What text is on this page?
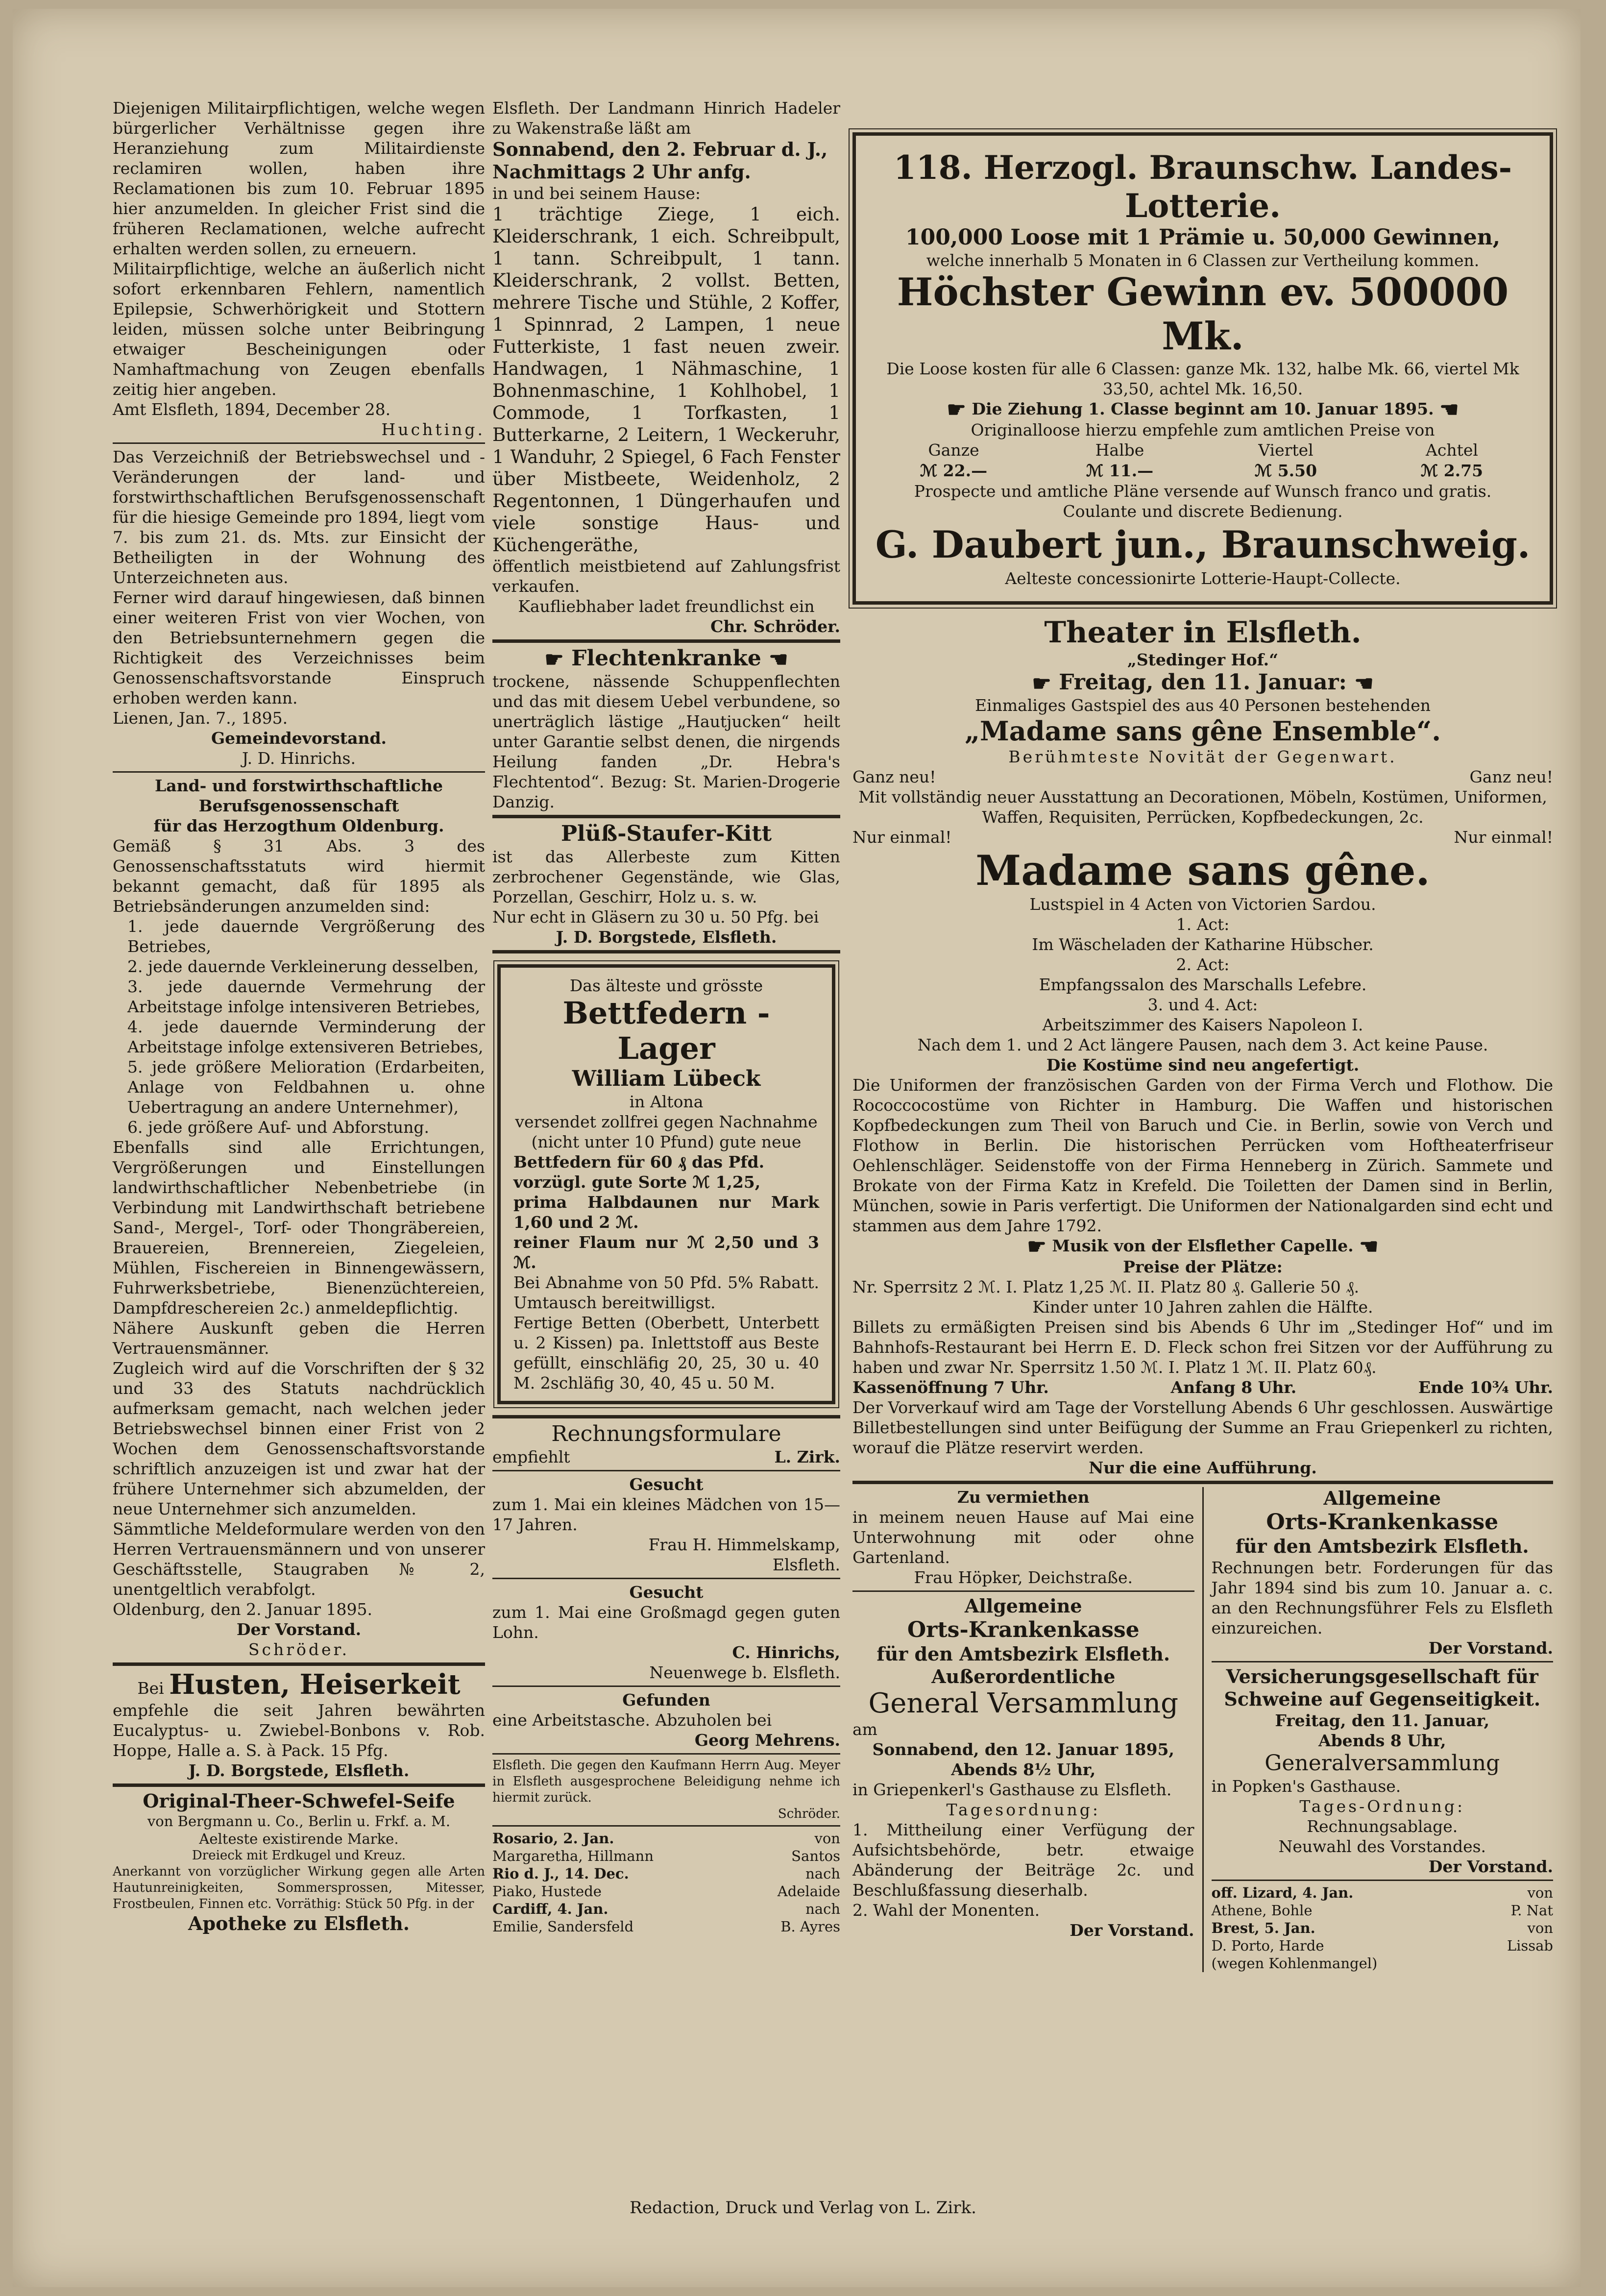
Diejenigen Militairpflichtigen, welche wegen bürgerlicher Verhältnisse gegen ihre Heranziehung zum Militairdienste reclamiren wollen, haben ihre Reclamationen bis zum 10. Februar 1895 hier anzumelden. In gleicher Frist sind die früheren Reclamationen, welche aufrecht erhalten werden sollen, zu erneuern.

Militairpflichtige, welche an äußerlich nicht sofort erkennbaren Fehlern, namentlich Epilepsie, Schwerhörigkeit und Stottern leiden, müssen solche unter Beibringung etwaiger Bescheinigungen oder Namhaftmachung von Zeugen ebenfalls zeitig hier angeben.

Amt Elsfleth, 1894, December 28.

Huchting.

Das Verzeichniß der Betriebswechsel und -Veränderungen der land- und forstwirthschaftlichen Berufsgenossenschaft für die hiesige Gemeinde pro 1894, liegt vom 7. bis zum 21. ds. Mts. zur Einsicht der Betheiligten in der Wohnung des Unterzeichneten aus.

Ferner wird darauf hingewiesen, daß binnen einer weiteren Frist von vier Wochen, von den Betriebsunternehmern gegen die Richtigkeit des Verzeichnisses beim Genossenschaftsvorstande Einspruch erhoben werden kann.

Lienen, Jan. 7., 1895.

Gemeindevorstand.

J. D. Hinrichs.

Land- und forstwirthschaftliche

Berufsgenossenschaft

für das Herzogthum Oldenburg.

Gemäß § 31 Abs. 3 des Genossenschaftsstatuts wird hiermit bekannt gemacht, daß für 1895 als Betriebsänderungen anzumelden sind:

1. jede dauernde Vergrößerung des Betriebes,

2. jede dauernde Verkleinerung desselben,

3. jede dauernde Vermehrung der Arbeitstage infolge intensiveren Betriebes,

4. jede dauernde Verminderung der Arbeitstage infolge extensiveren Betriebes,

5. jede größere Melioration (Erdarbeiten, Anlage von Feldbahnen u. ohne Uebertragung an andere Unternehmer),

6. jede größere Auf- und Abforstung.

Ebenfalls sind alle Errichtungen, Vergrößerungen und Einstellungen landwirthschaftlicher Nebenbetriebe (in Verbindung mit Landwirthschaft betriebene Sand-, Mergel-, Torf- oder Thongräbereien, Brauereien, Brennereien, Ziegeleien, Mühlen, Fischereien in Binnengewässern, Fuhrwerksbetriebe, Bienenzüchtereien, Dampfdreschereien 2c.) anmeldepflichtig.

Nähere Auskunft geben die Herren Vertrauensmänner.

Zugleich wird auf die Vorschriften der § 32 und 33 des Statuts nachdrücklich aufmerksam gemacht, nach welchen jeder Betriebswechsel binnen einer Frist von 2 Wochen dem Genossenschaftsvorstande schriftlich anzuzeigen ist und zwar hat der frühere Unternehmer sich abzumelden, der neue Unternehmer sich anzumelden.

Sämmtliche Meldeformulare werden von den Herren Vertrauensmännern und von unserer Geschäftsstelle, Staugraben № 2, unentgeltlich verabfolgt.

Oldenburg, den 2. Januar 1895.

Der Vorstand.

Schröder.

Bei Husten, Heiserkeit

empfehle die seit Jahren bewährten Eucalyptus- u. Zwiebel-Bonbons v. Rob. Hoppe, Halle a. S. à Pack. 15 Pfg.

J. D. Borgstede, Elsfleth.

Original-Theer-Schwefel-Seife

von Bergmann u. Co., Berlin u. Frkf. a. M.

Aelteste existirende Marke.

Dreieck mit Erdkugel und Kreuz.

Anerkannt von vorzüglicher Wirkung gegen alle Arten Hautunreinigkeiten, Sommersprossen, Mitesser, Frostbeulen, Finnen etc. Vorräthig: Stück 50 Pfg. in der

Apotheke zu Elsfleth.

Elsfleth. Der Landmann Hinrich Hadeler zu Wakenstraße läßt am

Sonnabend, den 2. Februar d. J.,

Nachmittags 2 Uhr anfg.

in und bei seinem Hause:

1 trächtige Ziege, 1 eich. Kleiderschrank, 1 eich. Schreibpult, 1 tann. Schreibpult, 1 tann. Kleiderschrank, 2 vollst. Betten, mehrere Tische und Stühle, 2 Koffer, 1 Spinnrad, 2 Lampen, 1 neue Futterkiste, 1 fast neuen zweir. Handwagen, 1 Nähmaschine, 1 Bohnenmaschine, 1 Kohlhobel, 1 Commode, 1 Torfkasten, 1 Butterkarne, 2 Leitern, 1 Weckeruhr, 1 Wanduhr, 2 Spiegel, 6 Fach Fenster über Mistbeete, Weidenholz, 2 Regentonnen, 1 Düngerhaufen und viele sonstige Haus- und Küchengeräthe,

öffentlich meistbietend auf Zahlungsfrist verkaufen.

Kaufliebhaber ladet freundlichst ein

Chr. Schröder.

☛ Flechtenkranke ☚

trockene, nässende Schuppenflechten und das mit diesem Uebel verbundene, so unerträglich lästige „Hautjucken“ heilt unter Garantie selbst denen, die nirgends Heilung fanden „Dr. Hebra's Flechtentod“. Bezug: St. Marien-Drogerie Danzig.

Plüß-Staufer-Kitt

ist das Allerbeste zum Kitten zerbrochener Gegenstände, wie Glas, Porzellan, Geschirr, Holz u. s. w.

Nur echt in Gläsern zu 30 u. 50 Pfg. bei

J. D. Borgstede, Elsfleth.

Das älteste und grösste

Bettfedern - Lager

William Lübeck

in Altona

versendet zollfrei gegen Nachnahme (nicht unter 10 Pfund) gute neue

Bettfedern für 60 ₰ das Pfd.

vorzügl. gute Sorte ℳ 1,25,

prima Halbdaunen nur Mark 1,60 und 2 ℳ.

reiner Flaum nur ℳ 2,50 und 3 ℳ.

Bei Abnahme von 50 Pfd. 5% Rabatt. Umtausch bereitwilligst.

Fertige Betten (Oberbett, Unterbett u. 2 Kissen) pa. Inlettstoff aus Beste gefüllt, einschläfig 20, 25, 30 u. 40 M. 2schläfig 30, 40, 45 u. 50 M.

Rechnungsformulare

empfiehlt	L. Zirk.

Gesucht

zum 1. Mai ein kleines Mädchen von 15—17 Jahren.

Frau H. Himmelskamp,

Elsfleth.

Gesucht

zum 1. Mai eine Großmagd gegen guten Lohn.

C. Hinrichs,

Neuenwege b. Elsfleth.

Gefunden

eine Arbeitstasche. Abzuholen bei

Georg Mehrens.

Elsfleth. Die gegen den Kaufmann Herrn Aug. Meyer in Elsfleth ausgesprochene Beleidigung nehme ich hiermit zurück.

Schröder.

Rosario, 2. Jan.	von
Margaretha, Hillmann	Santos
Rio d. J., 14. Dec.	nach
Piako, Hustede	Adelaide
Cardiff, 4. Jan.	nach
Emilie, Sandersfeld	B. Ayres

118. Herzogl. Braunschw. Landes-Lotterie.

100,000 Loose mit 1 Prämie u. 50,000 Gewinnen,

welche innerhalb 5 Monaten in 6 Classen zur Vertheilung kommen.

Höchster Gewinn ev. 500000 Mk.

Die Loose kosten für alle 6 Classen: ganze Mk. 132, halbe Mk. 66, viertel Mk 33,50, achtel Mk. 16,50.

☛ Die Ziehung 1. Classe beginnt am 10. Januar 1895. ☚

Originalloose hierzu empfehle zum amtlichen Preise von

Ganze	Halbe	Viertel	Achtel
ℳ 22.—	ℳ 11.—	ℳ 5.50	ℳ 2.75

Prospecte und amtliche Pläne versende auf Wunsch franco und gratis.

Coulante und discrete Bedienung.

G. Daubert jun., Braunschweig.

Aelteste concessionirte Lotterie-Haupt-Collecte.

Theater in Elsfleth.

„Stedinger Hof.“

☛ Freitag, den 11. Januar: ☚

Einmaliges Gastspiel des aus 40 Personen bestehenden

„Madame sans gêne Ensemble“.

Berühmteste Novität der Gegenwart.

Ganz neu!	Ganz neu!

Mit vollständig neuer Ausstattung an Decorationen, Möbeln, Kostümen, Uniformen, Waffen, Requisiten, Perrücken, Kopfbedeckungen, 2c.

Nur einmal!	Nur einmal!

Madame sans gêne.

Lustspiel in 4 Acten von Victorien Sardou.

1. Act:

Im Wäscheladen der Katharine Hübscher.

2. Act:

Empfangssalon des Marschalls Lefebre.

3. und 4. Act:

Arbeitszimmer des Kaisers Napoleon I.

Nach dem 1. und 2 Act längere Pausen, nach dem 3. Act keine Pause.

Die Kostüme sind neu angefertigt.

Die Uniformen der französischen Garden von der Firma Verch und Flothow. Die Rococcocostüme von Richter in Hamburg. Die Waffen und historischen Kopfbedeckungen zum Theil von Baruch und Cie. in Berlin, sowie von Verch und Flothow in Berlin. Die historischen Perrücken vom Hoftheaterfriseur Oehlenschläger. Seidenstoffe von der Firma Henneberg in Zürich. Sammete und Brokate von der Firma Katz in Krefeld. Die Toiletten der Damen sind in Berlin, München, sowie in Paris verfertigt. Die Uniformen der Nationalgarden sind echt und stammen aus dem Jahre 1792.

☛ Musik von der Elsflether Capelle. ☚

Preise der Plätze:

Nr. Sperrsitz 2 ℳ. I. Platz 1,25 ℳ. II. Platz 80 ₰. Gallerie 50 ₰.

Kinder unter 10 Jahren zahlen die Hälfte.

Billets zu ermäßigten Preisen sind bis Abends 6 Uhr im „Stedinger Hof“ und im Bahnhofs-Restaurant bei Herrn E. D. Fleck schon frei Sitzen vor der Aufführung zu haben und zwar Nr. Sperrsitz 1.50 ℳ. I. Platz 1 ℳ. II. Platz 60₰.

Kassenöffnung 7 Uhr.	Anfang 8 Uhr.	Ende 10¾ Uhr.

Der Vorverkauf wird am Tage der Vorstellung Abends 6 Uhr geschlossen. Auswärtige Billetbestellungen sind unter Beifügung der Summe an Frau Griepenkerl zu richten, worauf die Plätze reservirt werden.

Nur die eine Aufführung.

Zu vermiethen

in meinem neuen Hause auf Mai eine Unterwohnung mit oder ohne Gartenland.

Frau Höpker, Deichstraße.

Allgemeine

Orts-Krankenkasse

für den Amtsbezirk Elsfleth.

Außerordentliche

General Versammlung

am

Sonnabend, den 12. Januar 1895,

Abends 8½ Uhr,

in Griepenkerl's Gasthause zu Elsfleth.

Tagesordnung:

1. Mittheilung einer Verfügung der Aufsichtsbehörde, betr. etwaige Abänderung der Beiträge 2c. und Beschlußfassung dieserhalb.

2. Wahl der Monenten.

Der Vorstand.

Allgemeine

Orts-Krankenkasse

für den Amtsbezirk Elsfleth.

Rechnungen betr. Forderungen für das Jahr 1894 sind bis zum 10. Januar a. c. an den Rechnungsführer Fels zu Elsfleth einzureichen.

Der Vorstand.

Versicherungsgesellschaft für

Schweine auf Gegenseitigkeit.

Freitag, den 11. Januar,

Abends 8 Uhr,

Generalversammlung

in Popken's Gasthause.

Tages-Ordnung:

Rechnungsablage.

Neuwahl des Vorstandes.

Der Vorstand.

off. Lizard, 4. Jan.	von
Athene, Bohle	P. Nat
Brest, 5. Jan.	von
D. Porto, Harde	Lissab
(wegen Kohlenmangel)
Redaction, Druck und Verlag von L. Zirk.
